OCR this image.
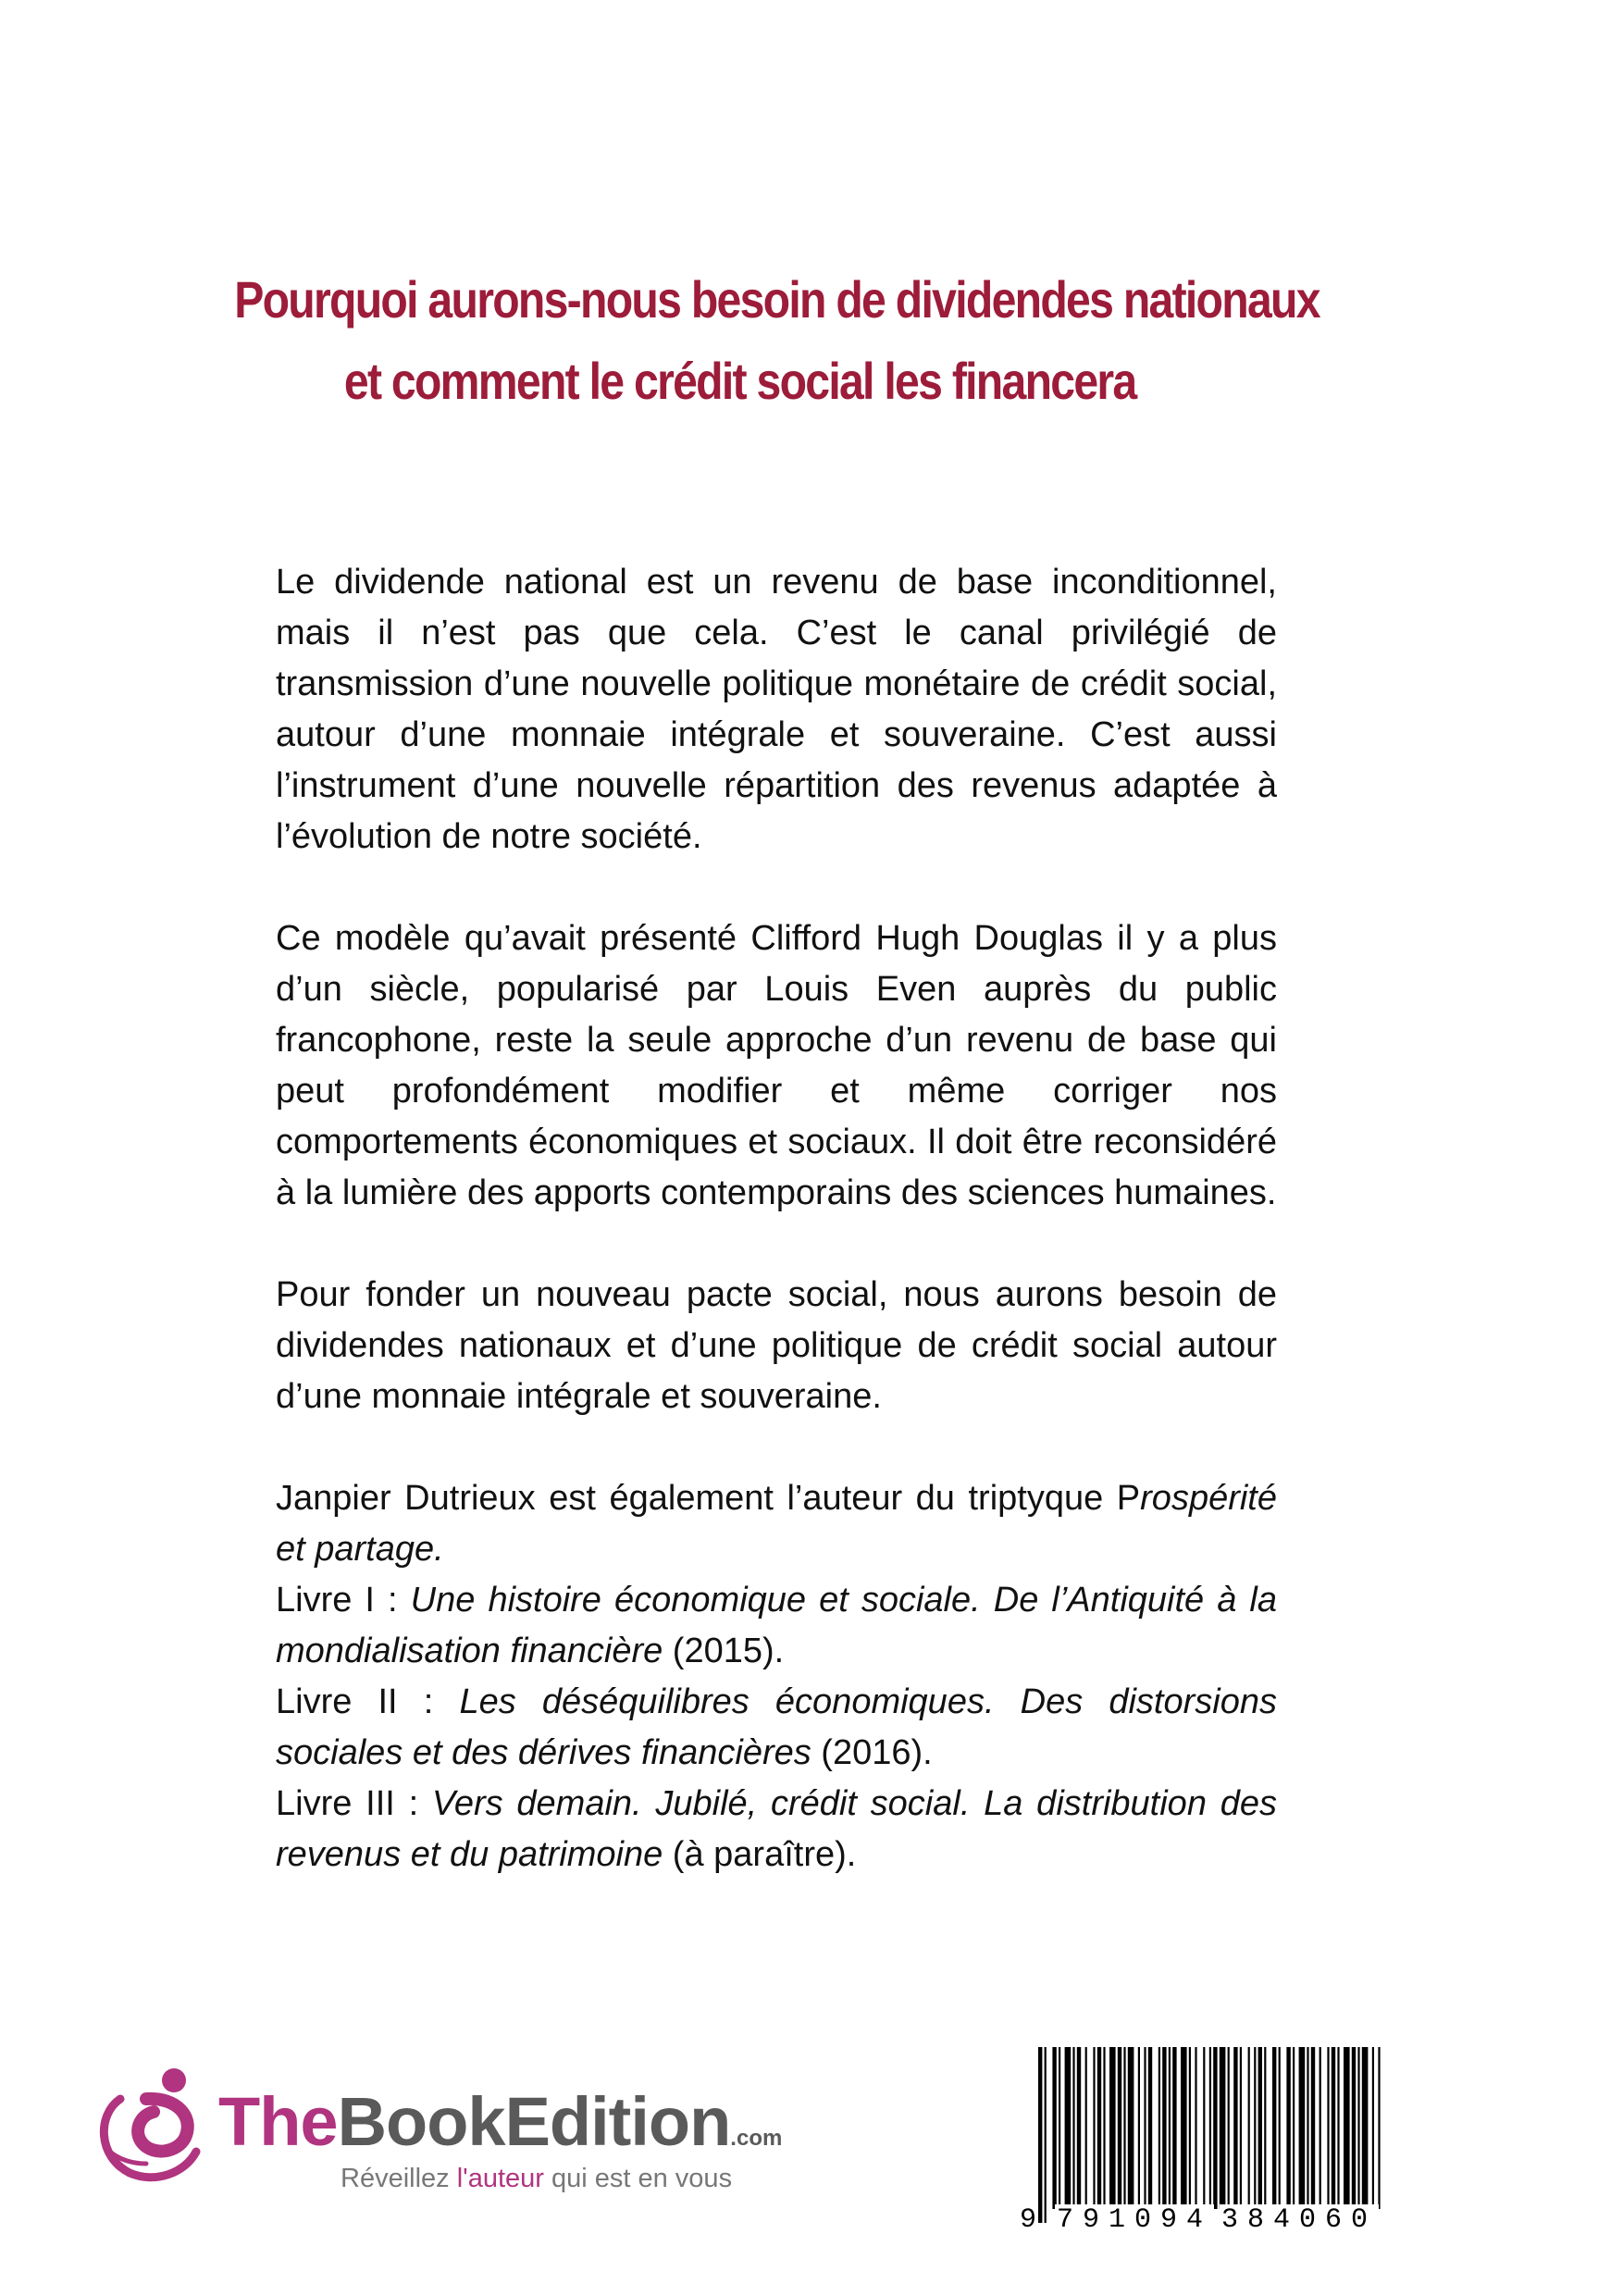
Pourquoi aurons-nous besoin de dividendes nationaux
et comment le crédit social les financera

Le dividende national est un revenu de base inconditionnel, mais il n’est pas que cela. C’est le canal privilégié de transmission d’une nouvelle politique monétaire de crédit social, autour d’une monnaie intégrale et souveraine. C’est aussi l’instrument d’une nouvelle répartition des revenus adaptée à l’évolution de notre société.

Ce modèle qu’avait présenté Clifford Hugh Douglas il y a plus d’un siècle, popularisé par Louis Even auprès du public francophone, reste la seule approche d’un revenu de base qui peut profondément modifier et même corriger nos comportements économiques et sociaux. Il doit être reconsidéré à la lumière des apports contemporains des sciences humaines.

Pour fonder un nouveau pacte social, nous aurons besoin de dividendes nationaux et d’une politique de crédit social autour d’une monnaie intégrale et souveraine.

Janpier Dutrieux est également l’auteur du triptyque Prospérité et partage.

Livre I : Une histoire économique et sociale. De l’Antiquité à la mondialisation financière (2015).

Livre II : Les déséquilibres économiques. Des distorsions sociales et des dérives financières (2016).

Livre III : Vers demain. Jubilé, crédit social. La distribution des revenus et du patrimoine (à paraître).

TheBookEdition.com
Réveillez l'auteur qui est en vous
9 791094 384060
